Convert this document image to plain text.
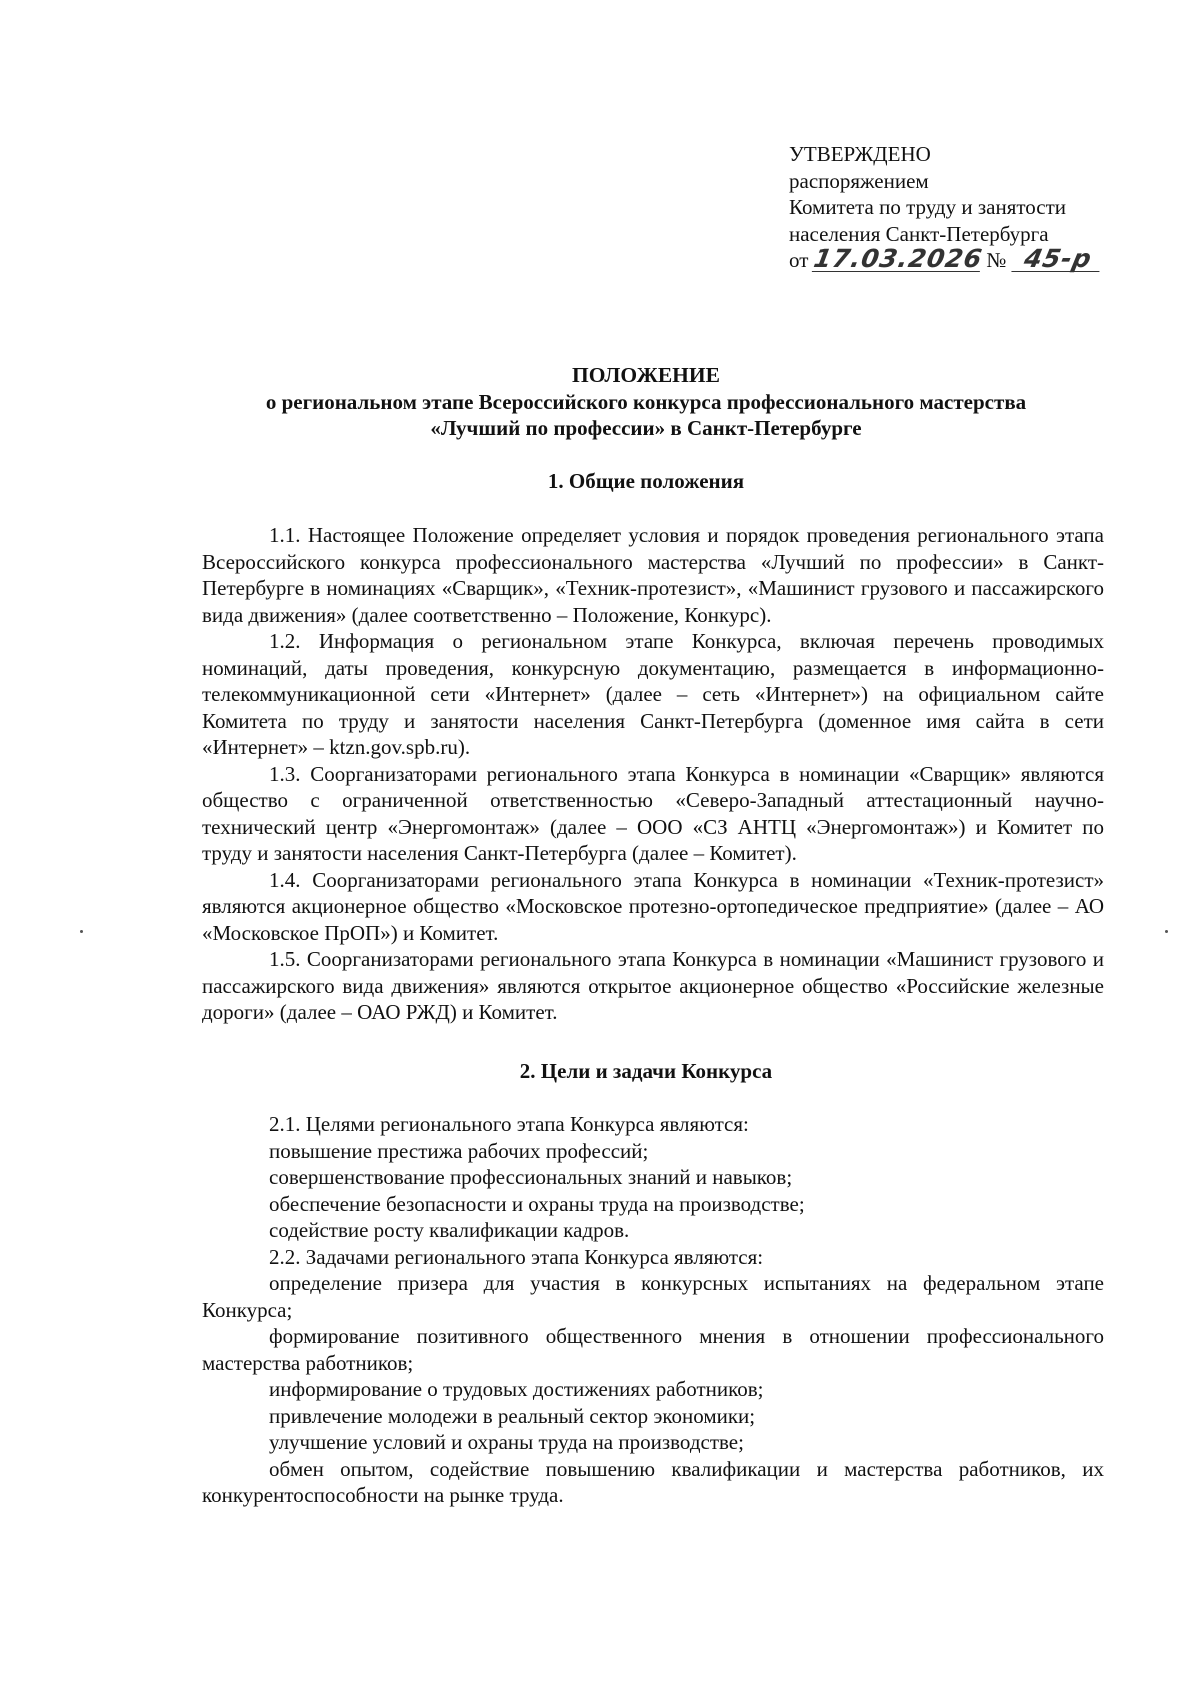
УТВЕРЖДЕНО
распоряжением
Комитета по труду и занятости
населения Санкт-Петербурга
от 17.03.2026 № 45-р
ПОЛОЖЕНИЕ
о региональном этапе Всероссийского конкурса профессионального мастерства
«Лучший по профессии» в Санкт-Петербурге
1. Общие положения

1.1. Настоящее Положение определяет условия и порядок проведения регионального этапа Всероссийского конкурса профессионального мастерства «Лучший по профессии» в Санкт-Петербурге в номинациях «Сварщик», «Техник-протезист», «Машинист грузового и пассажирского вида движения» (далее соответственно – Положение, Конкурс).

1.2. Информация о региональном этапе Конкурса, включая перечень проводимых номинаций, даты проведения, конкурсную документацию, размещается в информационно-телекоммуникационной сети «Интернет» (далее – сеть «Интернет») на официальном сайте Комитета по труду и занятости населения Санкт-Петербурга (доменное имя сайта в сети «Интернет» – ktzn.gov.spb.ru).

1.3. Соорганизаторами регионального этапа Конкурса в номинации «Сварщик» являются общество с ограниченной ответственностью «Северо-Западный аттестационный научно-технический центр «Энергомонтаж» (далее – ООО «СЗ АНТЦ «Энергомонтаж») и Комитет по труду и занятости населения Санкт-Петербурга (далее – Комитет).

1.4. Соорганизаторами регионального этапа Конкурса в номинации «Техник-протезист» являются акционерное общество «Московское протезно-ортопедическое предприятие» (далее – АО «Московское ПрОП») и Комитет.

1.5. Соорганизаторами регионального этапа Конкурса в номинации «Машинист грузового и пассажирского вида движения» являются открытое акционерное общество «Российские железные дороги» (далее – ОАО РЖД) и Комитет.

2. Цели и задачи Конкурса

2.1. Целями регионального этапа Конкурса являются:

повышение престижа рабочих профессий;

совершенствование профессиональных знаний и навыков;

обеспечение безопасности и охраны труда на производстве;

содействие росту квалификации кадров.

2.2. Задачами регионального этапа Конкурса являются:

определение призера для участия в конкурсных испытаниях на федеральном этапе Конкурса;

формирование позитивного общественного мнения в отношении профессионального мастерства работников;

информирование о трудовых достижениях работников;

привлечение молодежи в реальный сектор экономики;

улучшение условий и охраны труда на производстве;

обмен опытом, содействие повышению квалификации и мастерства работников, их конкурентоспособности на рынке труда.
